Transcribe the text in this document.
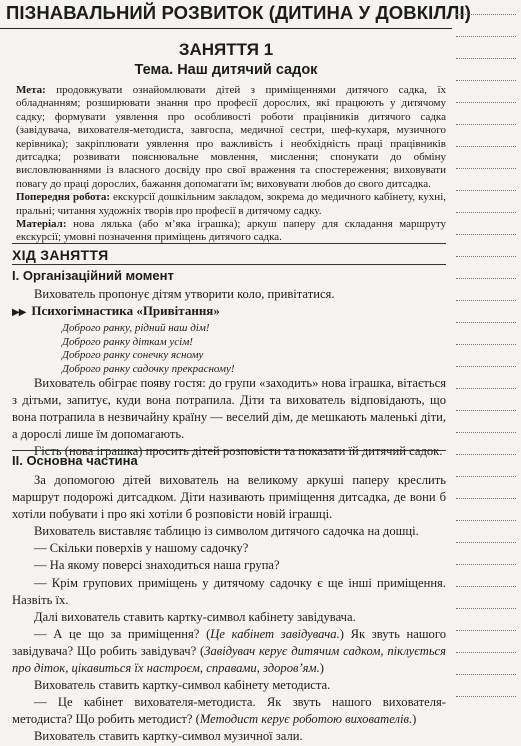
ПІЗНАВАЛЬНИЙ РОЗВИТОК (ДИТИНА У ДОВКІЛЛІ)
ЗАНЯТТЯ 1
Тема. Наш дитячий садок

Мета: продовжувати ознайомлювати дітей з приміщеннями дитячого садка, їх обладнанням; розширювати знання про професії дорослих, які працюють у дитячому садку; формувати уявлення про особливості роботи працівників дитячого садка (завідувача, вихователя-методиста, завгоспа, медичної сестри, шеф-кухаря, музичного керівника); закріплювати уявлення про важливість і необхідність праці працівників дитсадка; розвивати пояснювальне мовлення, мислення; спонукати до обміну висловлюваннями із власного досвіду про свої враження та спостереження; виховувати повагу до праці дорослих, бажання допомагати їм; виховувати любов до свого дитсадка.

Попередня робота: екскурсії дошкільним закладом, зокрема до медичного кабінету, кухні, пральні; читання художніх творів про професії в дитячому садку.

Матеріал: нова лялька (або м’яка іграшка); аркуш паперу для складання маршруту екскурсії; умовні позначення приміщень дитячого садка.

ХІД ЗАНЯТТЯ
I. Організаційний момент

Вихователь пропонує дітям утворити коло, привітатися.

▶▶ Психогімнастика «Привітання»
Доброго ранку, рідний наш дім!
Доброго ранку діткам усім!
Доброго ранку сонечку ясному
Доброго ранку садочку прекрасному!

Вихователь обіграє появу гостя: до групи «заходить» нова іграшка, вітається з дітьми, запитує, куди вона потрапила. Діти та вихователь відповідають, що вона потрапила в незвичайну країну — веселий дім, де мешкають маленькі діти, а дорослі лише їм допомагають.

Гість (нова іграшка) просить дітей розповісти та показати їй дитячий садок.

II. Основна частина

За допомогою дітей вихователь на великому аркуші паперу креслить маршрут подорожі дитсадком. Діти називають приміщення дитсадка, де вони б хотіли побувати і про які хотіли б розповісти новій іграшці.

Вихователь виставляє таблицю із символом дитячого садочка на дошці.

— Скільки поверхів у нашому садочку?

— На якому поверсі знаходиться наша група?

— Крім групових приміщень у дитячому садочку є ще інші приміщення. Назвіть їх.

Далі вихователь ставить картку-символ кабінету завідувача.

— А це що за приміщення? (Це кабінет завідувача.) Як звуть нашого завідувача? Що робить завідувач? (Завідувач керує дитячим садком, піклується про діток, цікавиться їх настроєм, справами, здоров’ям.)

Вихователь ставить картку-символ кабінету методиста.

— Це кабінет вихователя-методиста. Як звуть нашого вихователя-методиста? Що робить методист? (Методист керує роботою вихователів.)

Вихователь ставить картку-символ музичної зали.
